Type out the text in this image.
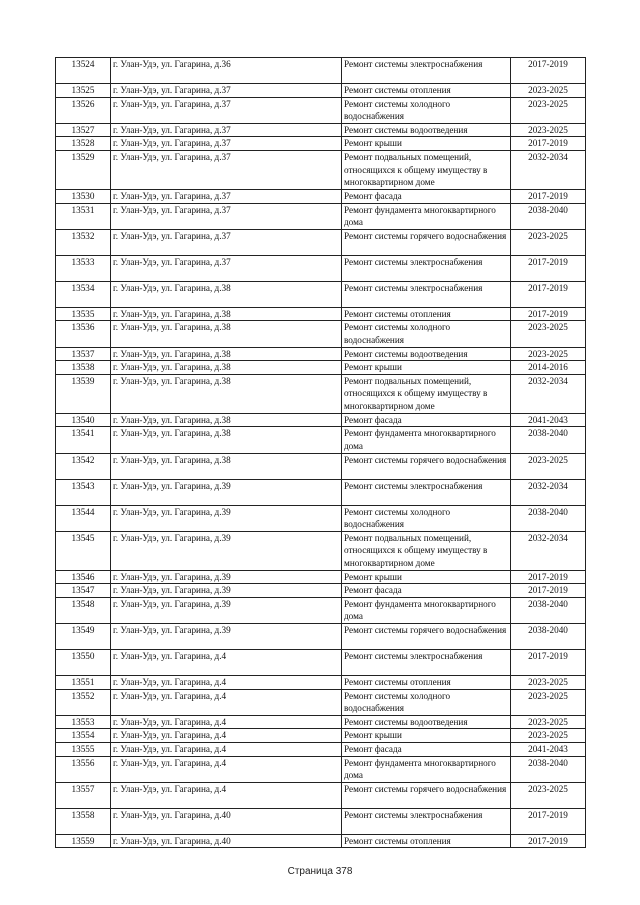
13524	г. Улан-Удэ, ул. Гагарина, д.36	Ремонт системы электроснабжения	2017-2019
13525	г. Улан-Удэ, ул. Гагарина, д.37	Ремонт системы отопления	2023-2025
13526	г. Улан-Удэ, ул. Гагарина, д.37	Ремонт системы холодного водоснабжения	2023-2025
13527	г. Улан-Удэ, ул. Гагарина, д.37	Ремонт системы водоотведения	2023-2025
13528	г. Улан-Удэ, ул. Гагарина, д.37	Ремонт крыши	2017-2019
13529	г. Улан-Удэ, ул. Гагарина, д.37	Ремонт подвальных помещений, относящихся к общему имуществу в многоквартирном доме	2032-2034
13530	г. Улан-Удэ, ул. Гагарина, д.37	Ремонт фасада	2017-2019
13531	г. Улан-Удэ, ул. Гагарина, д.37	Ремонт фундамента многоквартирного дома	2038-2040
13532	г. Улан-Удэ, ул. Гагарина, д.37	Ремонт системы горячего водоснабжения	2023-2025
13533	г. Улан-Удэ, ул. Гагарина, д.37	Ремонт системы электроснабжения	2017-2019
13534	г. Улан-Удэ, ул. Гагарина, д.38	Ремонт системы электроснабжения	2017-2019
13535	г. Улан-Удэ, ул. Гагарина, д.38	Ремонт системы отопления	2017-2019
13536	г. Улан-Удэ, ул. Гагарина, д.38	Ремонт системы холодного водоснабжения	2023-2025
13537	г. Улан-Удэ, ул. Гагарина, д.38	Ремонт системы водоотведения	2023-2025
13538	г. Улан-Удэ, ул. Гагарина, д.38	Ремонт крыши	2014-2016
13539	г. Улан-Удэ, ул. Гагарина, д.38	Ремонт подвальных помещений, относящихся к общему имуществу в многоквартирном доме	2032-2034
13540	г. Улан-Удэ, ул. Гагарина, д.38	Ремонт фасада	2041-2043
13541	г. Улан-Удэ, ул. Гагарина, д.38	Ремонт фундамента многоквартирного дома	2038-2040
13542	г. Улан-Удэ, ул. Гагарина, д.38	Ремонт системы горячего водоснабжения	2023-2025
13543	г. Улан-Удэ, ул. Гагарина, д.39	Ремонт системы электроснабжения	2032-2034
13544	г. Улан-Удэ, ул. Гагарина, д.39	Ремонт системы холодного водоснабжения	2038-2040
13545	г. Улан-Удэ, ул. Гагарина, д.39	Ремонт подвальных помещений, относящихся к общему имуществу в многоквартирном доме	2032-2034
13546	г. Улан-Удэ, ул. Гагарина, д.39	Ремонт крыши	2017-2019
13547	г. Улан-Удэ, ул. Гагарина, д.39	Ремонт фасада	2017-2019
13548	г. Улан-Удэ, ул. Гагарина, д.39	Ремонт фундамента многоквартирного дома	2038-2040
13549	г. Улан-Удэ, ул. Гагарина, д.39	Ремонт системы горячего водоснабжения	2038-2040
13550	г. Улан-Удэ, ул. Гагарина, д.4	Ремонт системы электроснабжения	2017-2019
13551	г. Улан-Удэ, ул. Гагарина, д.4	Ремонт системы отопления	2023-2025
13552	г. Улан-Удэ, ул. Гагарина, д.4	Ремонт системы холодного водоснабжения	2023-2025
13553	г. Улан-Удэ, ул. Гагарина, д.4	Ремонт системы водоотведения	2023-2025
13554	г. Улан-Удэ, ул. Гагарина, д.4	Ремонт крыши	2023-2025
13555	г. Улан-Удэ, ул. Гагарина, д.4	Ремонт фасада	2041-2043
13556	г. Улан-Удэ, ул. Гагарина, д.4	Ремонт фундамента многоквартирного дома	2038-2040
13557	г. Улан-Удэ, ул. Гагарина, д.4	Ремонт системы горячего водоснабжения	2023-2025
13558	г. Улан-Удэ, ул. Гагарина, д.40	Ремонт системы электроснабжения	2017-2019
13559	г. Улан-Удэ, ул. Гагарина, д.40	Ремонт системы отопления	2017-2019
Страница 378
